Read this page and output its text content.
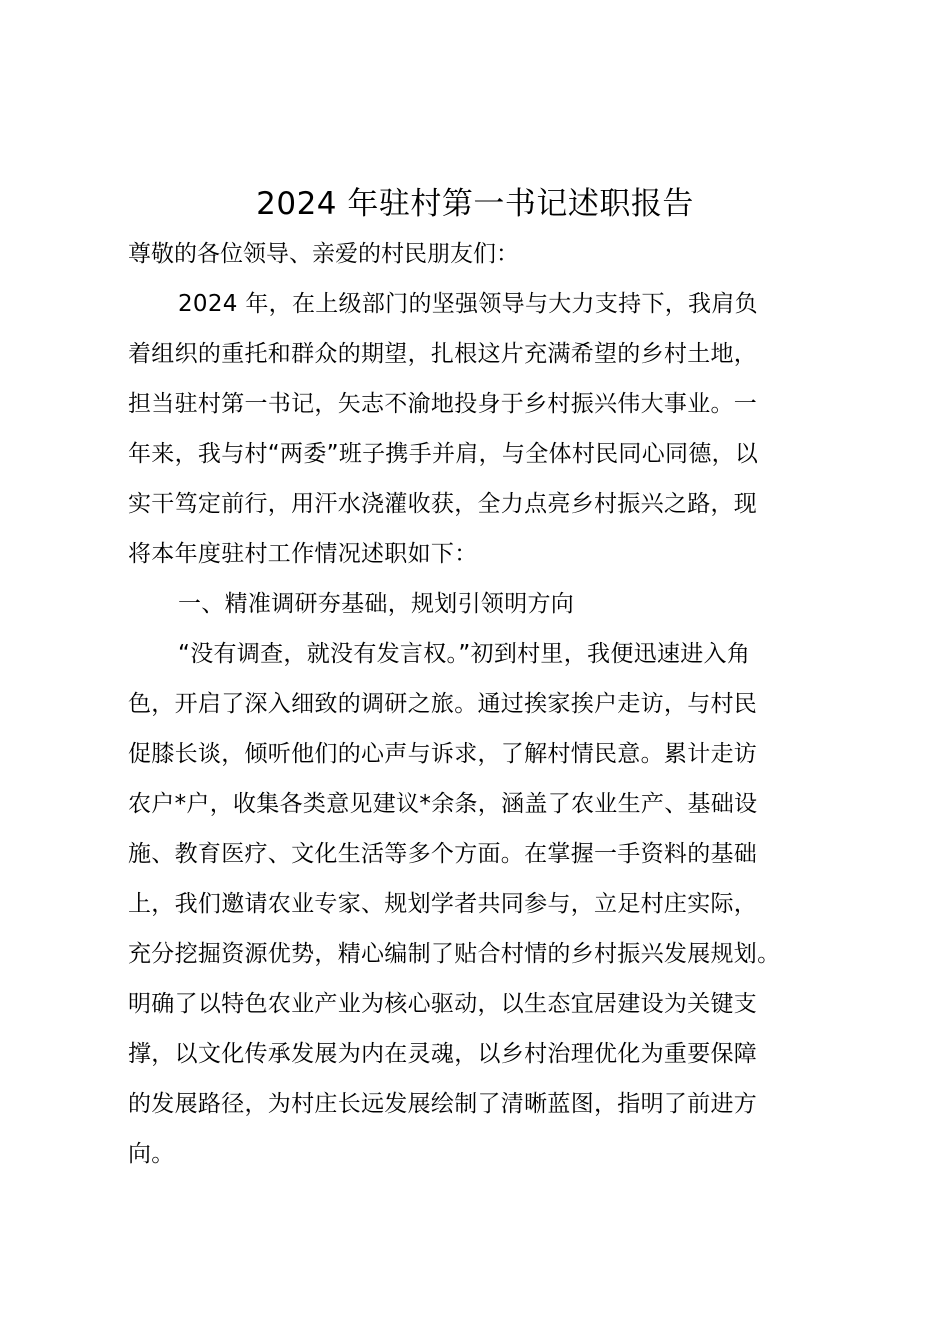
2024 年驻村第一书记述职报告
尊敬的各位领导、亲爱的村民朋友们：
2024 年，在上级部门的坚强领导与大力支持下，我肩负
着组织的重托和群众的期望，扎根这片充满希望的乡村土地，
担当驻村第一书记，矢志不渝地投身于乡村振兴伟大事业。一
年来，我与村“两委”班子携手并肩，与全体村民同心同德，以
实干笃定前行，用汗水浇灌收获，全力点亮乡村振兴之路，现
将本年度驻村工作情况述职如下：
一、精准调研夯基础，规划引领明方向
“没有调查，就没有发言权。”初到村里，我便迅速进入角
色，开启了深入细致的调研之旅。通过挨家挨户走访，与村民
促膝长谈，倾听他们的心声与诉求，了解村情民意。累计走访
农户*户，收集各类意见建议*余条，涵盖了农业生产、基础设
施、教育医疗、文化生活等多个方面。在掌握一手资料的基础
上，我们邀请农业专家、规划学者共同参与，立足村庄实际，
充分挖掘资源优势，精心编制了贴合村情的乡村振兴发展规划。
明确了以特色农业产业为核心驱动，以生态宜居建设为关键支
撑，以文化传承发展为内在灵魂，以乡村治理优化为重要保障
的发展路径，为村庄长远发展绘制了清晰蓝图，指明了前进方
向。
